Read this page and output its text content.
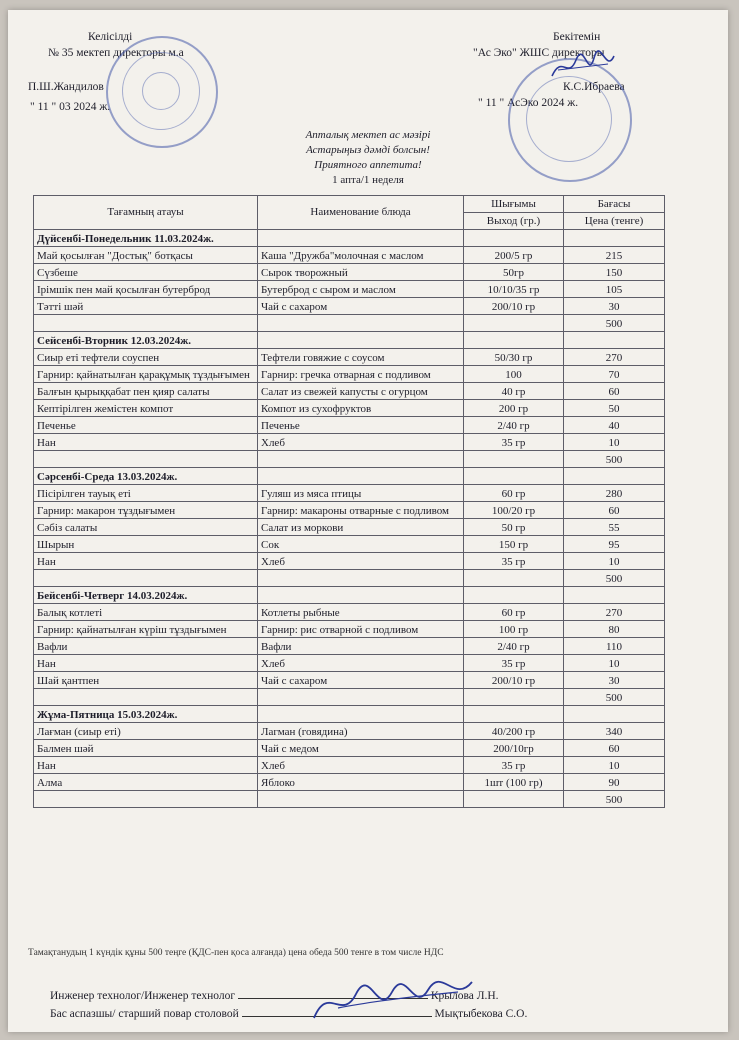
Келісілді
№ 35 мектеп директоры м.а
П.Ш.Жандилов
" 11 " 03 2024 ж.
Бекітемін
"Ас Эко" ЖШС директоры
К.С.Ибраева
" 11 " АсЭко 2024 ж.
Апталық мектеп ас мәзірі
Астарыңыз дәмді болсын!
Приятного аппетита!
1 апта/1 неделя
Тағамның атауы	Наименование блюда	Шығымы	Бағасы
		Выход (гр.)	Цена (тенге)
Дүйсенбі-Понедельник 11.03.2024ж.			
Май қосылған "Достық" ботқасы	Каша "Дружба"молочная с маслом	200/5 гр	215
Сүзбеше	Сырок творожный	50гр	150
Ірімшік пен май қосылған бутерброд	Бутерброд с сыром и маслом	10/10/35 гр	105
Тәтті шәй	Чай с сахаром	200/10 гр	30
			500
Сейсенбі-Вторник 12.03.2024ж.			
Сиыр еті тефтели соуспен	Тефтели говяжие с соусом	50/30 гр	270
Гарнир: қайнатылған қарақұмық тұздығымен	Гарнир: гречка отварная с подливом	100	70
Балғын қырыққабат пен қияр салаты	Салат из свежей капусты с огурцом	40 гр	60
Кептірілген жемістен компот	Компот из сухофруктов	200 гр	50
Печенье	Печенье	2/40 гр	40
Нан	Хлеб	35 гр	10
			500
Сәрсенбі-Среда 13.03.2024ж.			
Пісірілген тауық еті	Гуляш из мяса птицы	60 гр	280
Гарнир: макарон тұздығымен	Гарнир: макароны отварные с подливом	100/20 гр	60
Сәбіз салаты	Салат из моркови	50 гр	55
Шырын	Сок	150 гр	95
Нан	Хлеб	35 гр	10
			500
Бейсенбі-Четверг 14.03.2024ж.			
Балық котлеті	Котлеты рыбные	60 гр	270
Гарнир: қайнатылған күріш тұздығымен	Гарнир: рис отварной с подливом	100 гр	80
Вафли	Вафли	2/40 гр	110
Нан	Хлеб	35 гр	10
Шай қантпен	Чай с сахаром	200/10 гр	30
			500
Жұма-Пятница 15.03.2024ж.			
Лағман (сиыр еті)	Лагман (говядина)	40/200 гр	340
Балмен шәй	Чай с медом	200/10гр	60
Нан	Хлеб	35 гр	10
Алма	Яблоко	1шт (100 гр)	90
			500
Тамақтанудың 1 күндік құны 500 теңге (ҚДС-пен қоса алғанда) цена обеда 500 тенге в том числе НДС
Инженер технолог/Инженер технолог	Крылова Л.Н.
Бас аспазшы/ старший повар столовой	Мықтыбекова С.О.
